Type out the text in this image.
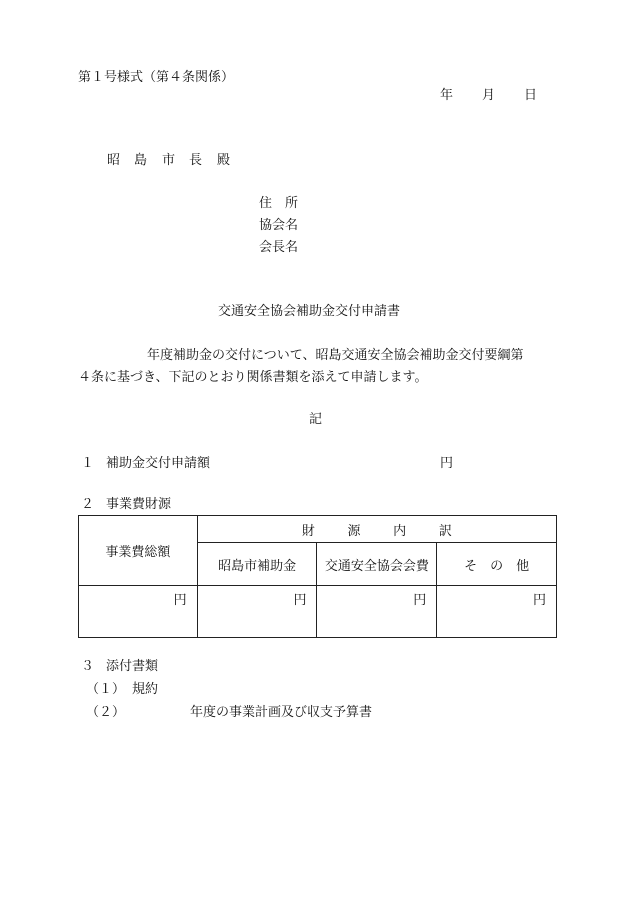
第１号様式（第４条関係）
年 月 日
昭 島 市 長 殿
住　所
協会名
会長名
交通安全協会補助金交付申請書
年度補助金の交付について、昭島交通安全協会補助金交付要綱第
４条に基づき、下記のとおり関係書類を添えて申請します。
記
１ 補助金交付申請額	円
２ 事業費財源
事業費総額	財 源 内 訳		
	昭島市補助金	交通安全協会会費	そ　の　他
円	円	円	円
３ 添付書類
（１） 規約
（２）	年度の事業計画及び収支予算書
